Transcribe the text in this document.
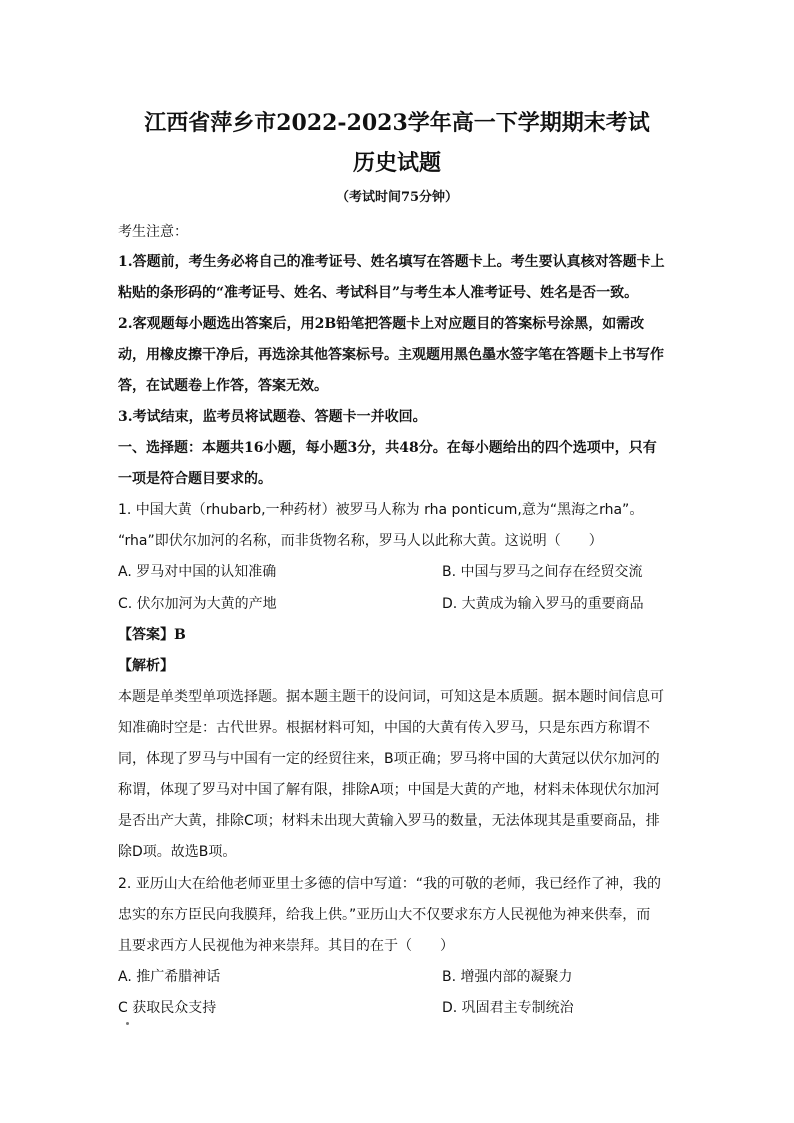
江西省萍乡市2022-2023学年高一下学期期末考试
历史试题
（考试时间75分钟）
考生注意：
1.答题前，考生务必将自己的准考证号、姓名填写在答题卡上。考生要认真核对答题卡上
粘贴的条形码的“准考证号、姓名、考试科目”与考生本人准考证号、姓名是否一致。
2.客观题每小题选出答案后，用2B铅笔把答题卡上对应题目的答案标号涂黑，如需改
动，用橡皮擦干净后，再选涂其他答案标号。主观题用黑色墨水签字笔在答题卡上书写作
答，在试题卷上作答，答案无效。
3.考试结束，监考员将试题卷、答题卡一并收回。
一、选择题：本题共16小题，每小题3分，共48分。在每小题给出的四个选项中，只有
一项是符合题目要求的。
1. 中国大黄（rhubarb,一种药材）被罗马人称为 rha ponticum,意为“黑海之rha”。
“rha”即伏尔加河的名称，而非货物名称，罗马人以此称大黄。这说明（　　）
A. 罗马对中国的认知准确	B. 中国与罗马之间存在经贸交流
C. 伏尔加河为大黄的产地	D. 大黄成为输入罗马的重要商品
【答案】B
【解析】
本题是单类型单项选择题。据本题主题干的设问词，可知这是本质题。据本题时间信息可
知准确时空是：古代世界。根据材料可知，中国的大黄有传入罗马，只是东西方称谓不
同，体现了罗马与中国有一定的经贸往来，B项正确；罗马将中国的大黄冠以伏尔加河的
称谓，体现了罗马对中国了解有限，排除A项；中国是大黄的产地，材料未体现伏尔加河
是否出产大黄，排除C项；材料未出现大黄输入罗马的数量，无法体现其是重要商品，排
除D项。故选B项。
2. 亚历山大在给他老师亚里士多德的信中写道：“我的可敬的老师，我已经作了神，我的
忠实的东方臣民向我膜拜，给我上供。”亚历山大不仅要求东方人民视他为神来供奉，而
且要求西方人民视他为神来崇拜。其目的在于（　　）
A. 推广希腊神话	B. 增强内部的凝聚力
C 获取民众支持	D. 巩固君主专制统治
